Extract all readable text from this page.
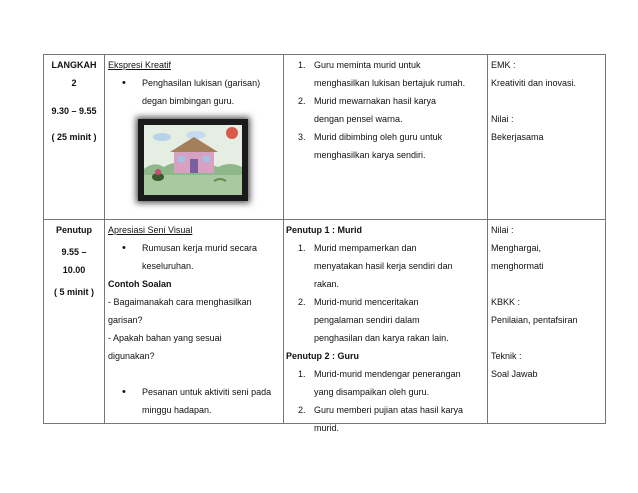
LANGKAH
2
9.30 – 9.55
( 25 minit )
Ekspresi Kreatif
• Penghasilan lukisan (garisan)
degan bimbingan guru.
1. Guru meminta murid untuk
menghasilkan lukisan bertajuk rumah.
2. Murid mewarnakan hasil karya
dengan pensel warna.
3. Murid dibimbing oleh guru untuk
menghasilkan karya sendiri.
EMK :
Kreativiti dan inovasi.
Nilai :
Bekerjasama
Penutup
9.55 –
10.00
( 5 minit )
Apresiasi Seni Visual
• Rumusan kerja murid secara
keseluruhan.
Contoh Soalan
- Bagaimanakah cara menghasilkan
garisan?
- Apakah bahan yang sesuai
digunakan?
• Pesanan untuk aktiviti seni pada
minggu hadapan.
Penutup 1 : Murid
1. Murid mempamerkan dan
menyatakan hasil kerja sendiri dan
rakan.
2. Murid-murid menceritakan
pengalaman sendiri dalam
penghasilan dan karya rakan lain.
Penutup 2 : Guru
1. Murid-murid mendengar penerangan
yang disampaikan oleh guru.
2. Guru memberi pujian atas hasil karya
murid.
Nilai :
Menghargai,
menghormati
KBKK :
Penilaian, pentafsiran
Teknik :
Soal Jawab
